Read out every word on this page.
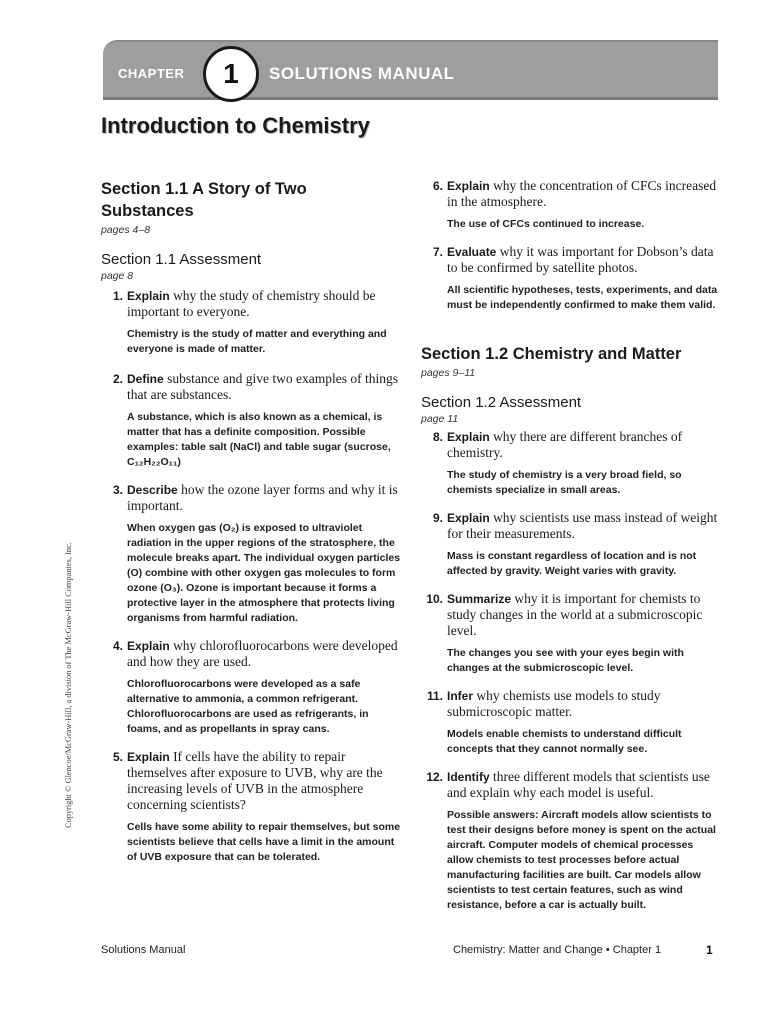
CHAPTER	1	SOLUTIONS MANUAL
Introduction to Chemistry
Copyright © Glencoe/McGraw-Hill, a division of The McGraw-Hill Companies, Inc.
Section 1.1 A Story of Two Substances
pages 4–8
Section 1.1 Assessment
page 8
1. Explain why the study of chemistry should be important to everyone.
Chemistry is the study of matter and everything and everyone is made of matter.
2. Define substance and give two examples of things that are substances.
A substance, which is also known as a chemical, is matter that has a definite composition. Possible examples: table salt (NaCl) and table sugar (sucrose, C₁₂H₂₂O₁₁)
3. Describe how the ozone layer forms and why it is important.
When oxygen gas (O₂) is exposed to ultraviolet radiation in the upper regions of the stratosphere, the molecule breaks apart. The individual oxygen particles (O) combine with other oxygen gas molecules to form ozone (O₃). Ozone is important because it forms a protective layer in the atmosphere that protects living organisms from harmful radiation.
4. Explain why chlorofluorocarbons were developed and how they are used.
Chlorofluorocarbons were developed as a safe alternative to ammonia, a common refrigerant. Chlorofluorocarbons are used as refrigerants, in foams, and as propellants in spray cans.
5. Explain If cells have the ability to repair themselves after exposure to UVB, why are the increasing levels of UVB in the atmosphere concerning scientists?
Cells have some ability to repair themselves, but some scientists believe that cells have a limit in the amount of UVB exposure that can be tolerated.
6. Explain why the concentration of CFCs increased in the atmosphere.
The use of CFCs continued to increase.
7. Evaluate why it was important for Dobson’s data to be confirmed by satellite photos.
All scientific hypotheses, tests, experiments, and data must be independently confirmed to make them valid.
Section 1.2 Chemistry and Matter
pages 9–11
Section 1.2 Assessment
page 11
8. Explain why there are different branches of chemistry.
The study of chemistry is a very broad field, so chemists specialize in small areas.
9. Explain why scientists use mass instead of weight for their measurements.
Mass is constant regardless of location and is not affected by gravity. Weight varies with gravity.
10. Summarize why it is important for chemists to study changes in the world at a submicroscopic level.
The changes you see with your eyes begin with changes at the submicroscopic level.
11. Infer why chemists use models to study submicroscopic matter.
Models enable chemists to understand difficult concepts that they cannot normally see.
12. Identify three different models that scientists use and explain why each model is useful.
Possible answers: Aircraft models allow scientists to test their designs before money is spent on the actual aircraft. Computer models of chemical processes allow chemists to test processes before actual manufacturing facilities are built. Car models allow scientists to test certain features, such as wind resistance, before a car is actually built.
Solutions Manual	Chemistry: Matter and Change • Chapter 1	1
